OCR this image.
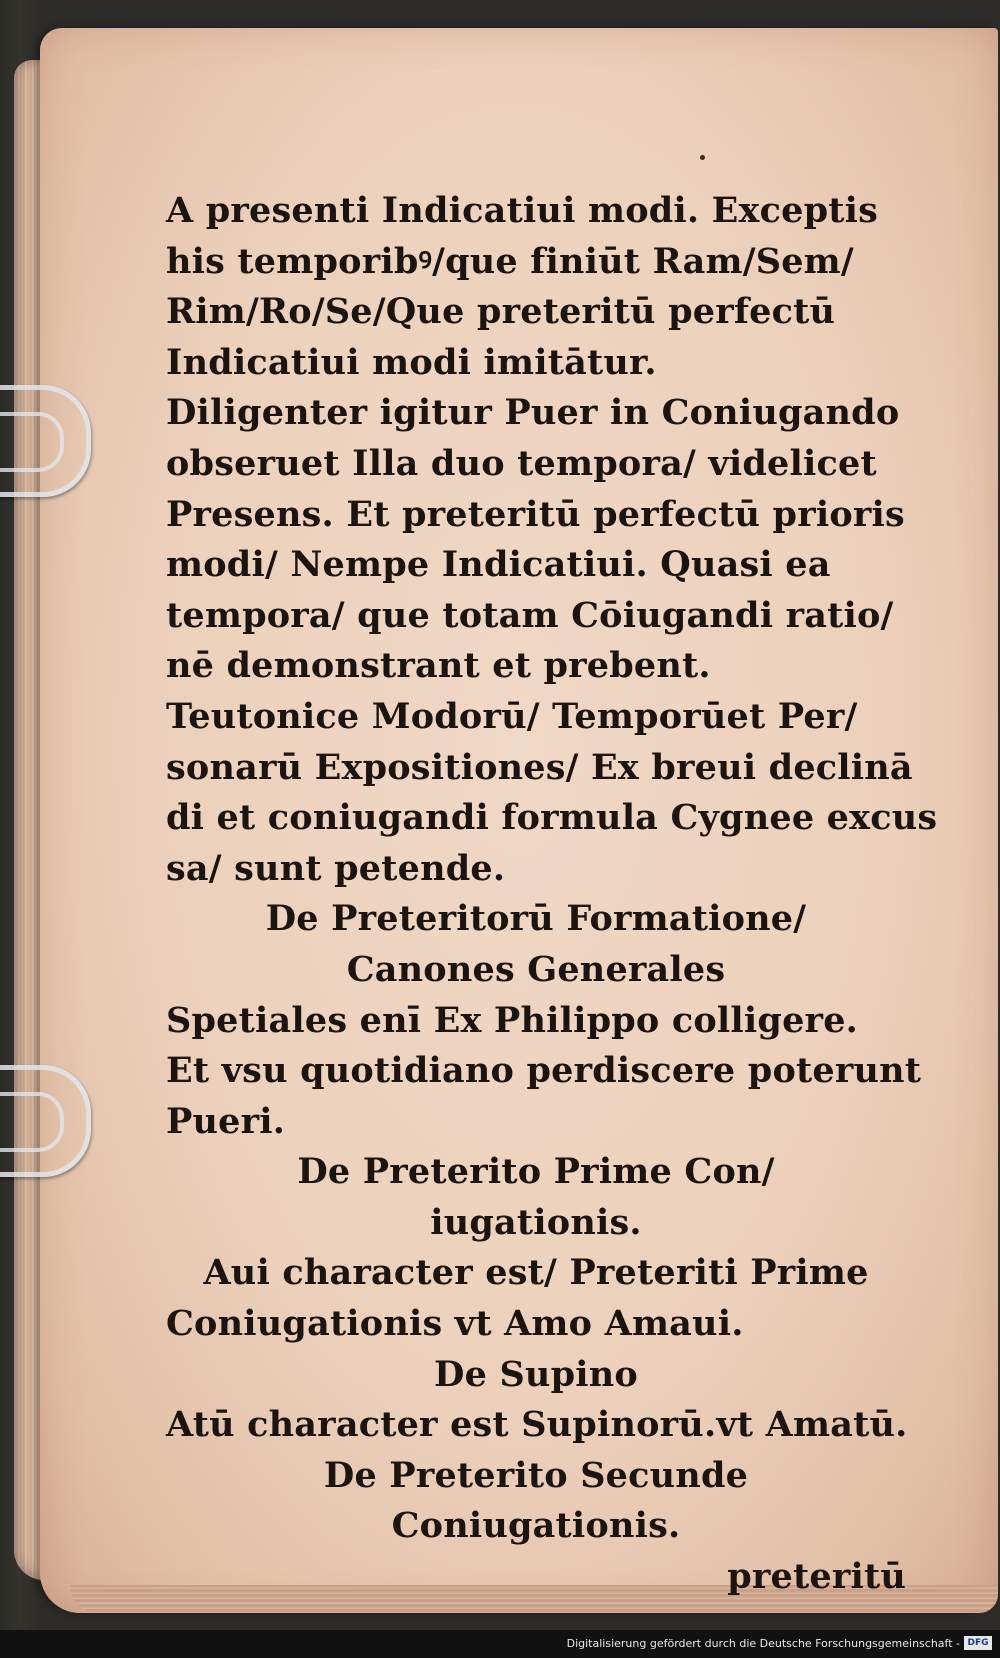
A presenti Indicatiui modi. Exceptis
his temporibꝰ/que finiūt Ram/Sem/
Rim/Ro/Se/Que preteritū perfectū
Indicatiui modi imitātur.
Diligenter igitur Puer in Coniugando
obseruet Illa duo tempora/ videlicet
Presens. Et preteritū perfectū prioris
modi/ Nempe Indicatiui. Quasi ea
tempora/ que totam Cōiugandi ratio/
nē demonstrant et prebent.
Teutonice Modorū/ Temporūet Per/
sonarū Expositiones/ Ex breui declinā
di et coniugandi formula Cygnee excus
sa/ sunt petende.
De Preteritorū Formatione/
Canones Generales
Spetiales enī Ex Philippo colligere.
Et vsu quotidiano perdiscere poterunt
Pueri.
De Preterito Prime Con/
iugationis.
Aui character est/ Preteriti Prime
Coniugationis vt Amo Amaui.
De Supino
Atū character est Supinorū.vt Amatū.
De Preterito Secunde
Coniugationis.
preteritū
Digitalisierung gefördert durch die Deutsche Forschungsgemeinschaft - DFG
